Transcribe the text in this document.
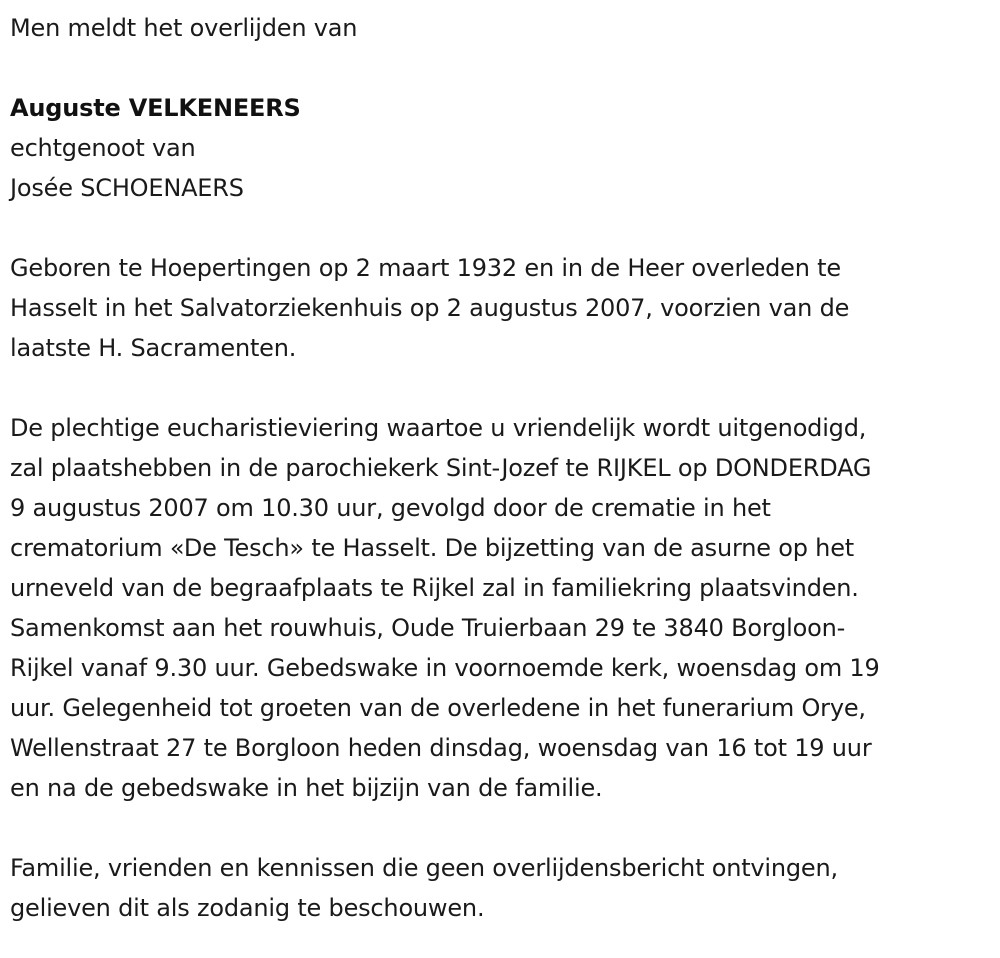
Men meldt het overlijden van
Auguste VELKENEERS
echtgenoot van
Josée SCHOENAERS
Geboren te Hoepertingen op 2 maart 1932 en in de Heer overleden te
Hasselt in het Salvatorziekenhuis op 2 augustus 2007, voorzien van de
laatste H. Sacramenten.
De plechtige eucharistieviering waartoe u vriendelijk wordt uitgenodigd,
zal plaatshebben in de parochiekerk Sint-Jozef te RIJKEL op DONDERDAG
9 augustus 2007 om 10.30 uur, gevolgd door de crematie in het
crematorium «De Tesch» te Hasselt. De bijzetting van de asurne op het
urneveld van de begraafplaats te Rijkel zal in familiekring plaatsvinden.
Samenkomst aan het rouwhuis, Oude Truierbaan 29 te 3840 Borgloon-
Rijkel vanaf 9.30 uur. Gebedswake in voornoemde kerk, woensdag om 19
uur. Gelegenheid tot groeten van de overledene in het funerarium Orye,
Wellenstraat 27 te Borgloon heden dinsdag, woensdag van 16 tot 19 uur
en na de gebedswake in het bijzijn van de familie.
Familie, vrienden en kennissen die geen overlijdensbericht ontvingen,
gelieven dit als zodanig te beschouwen.
